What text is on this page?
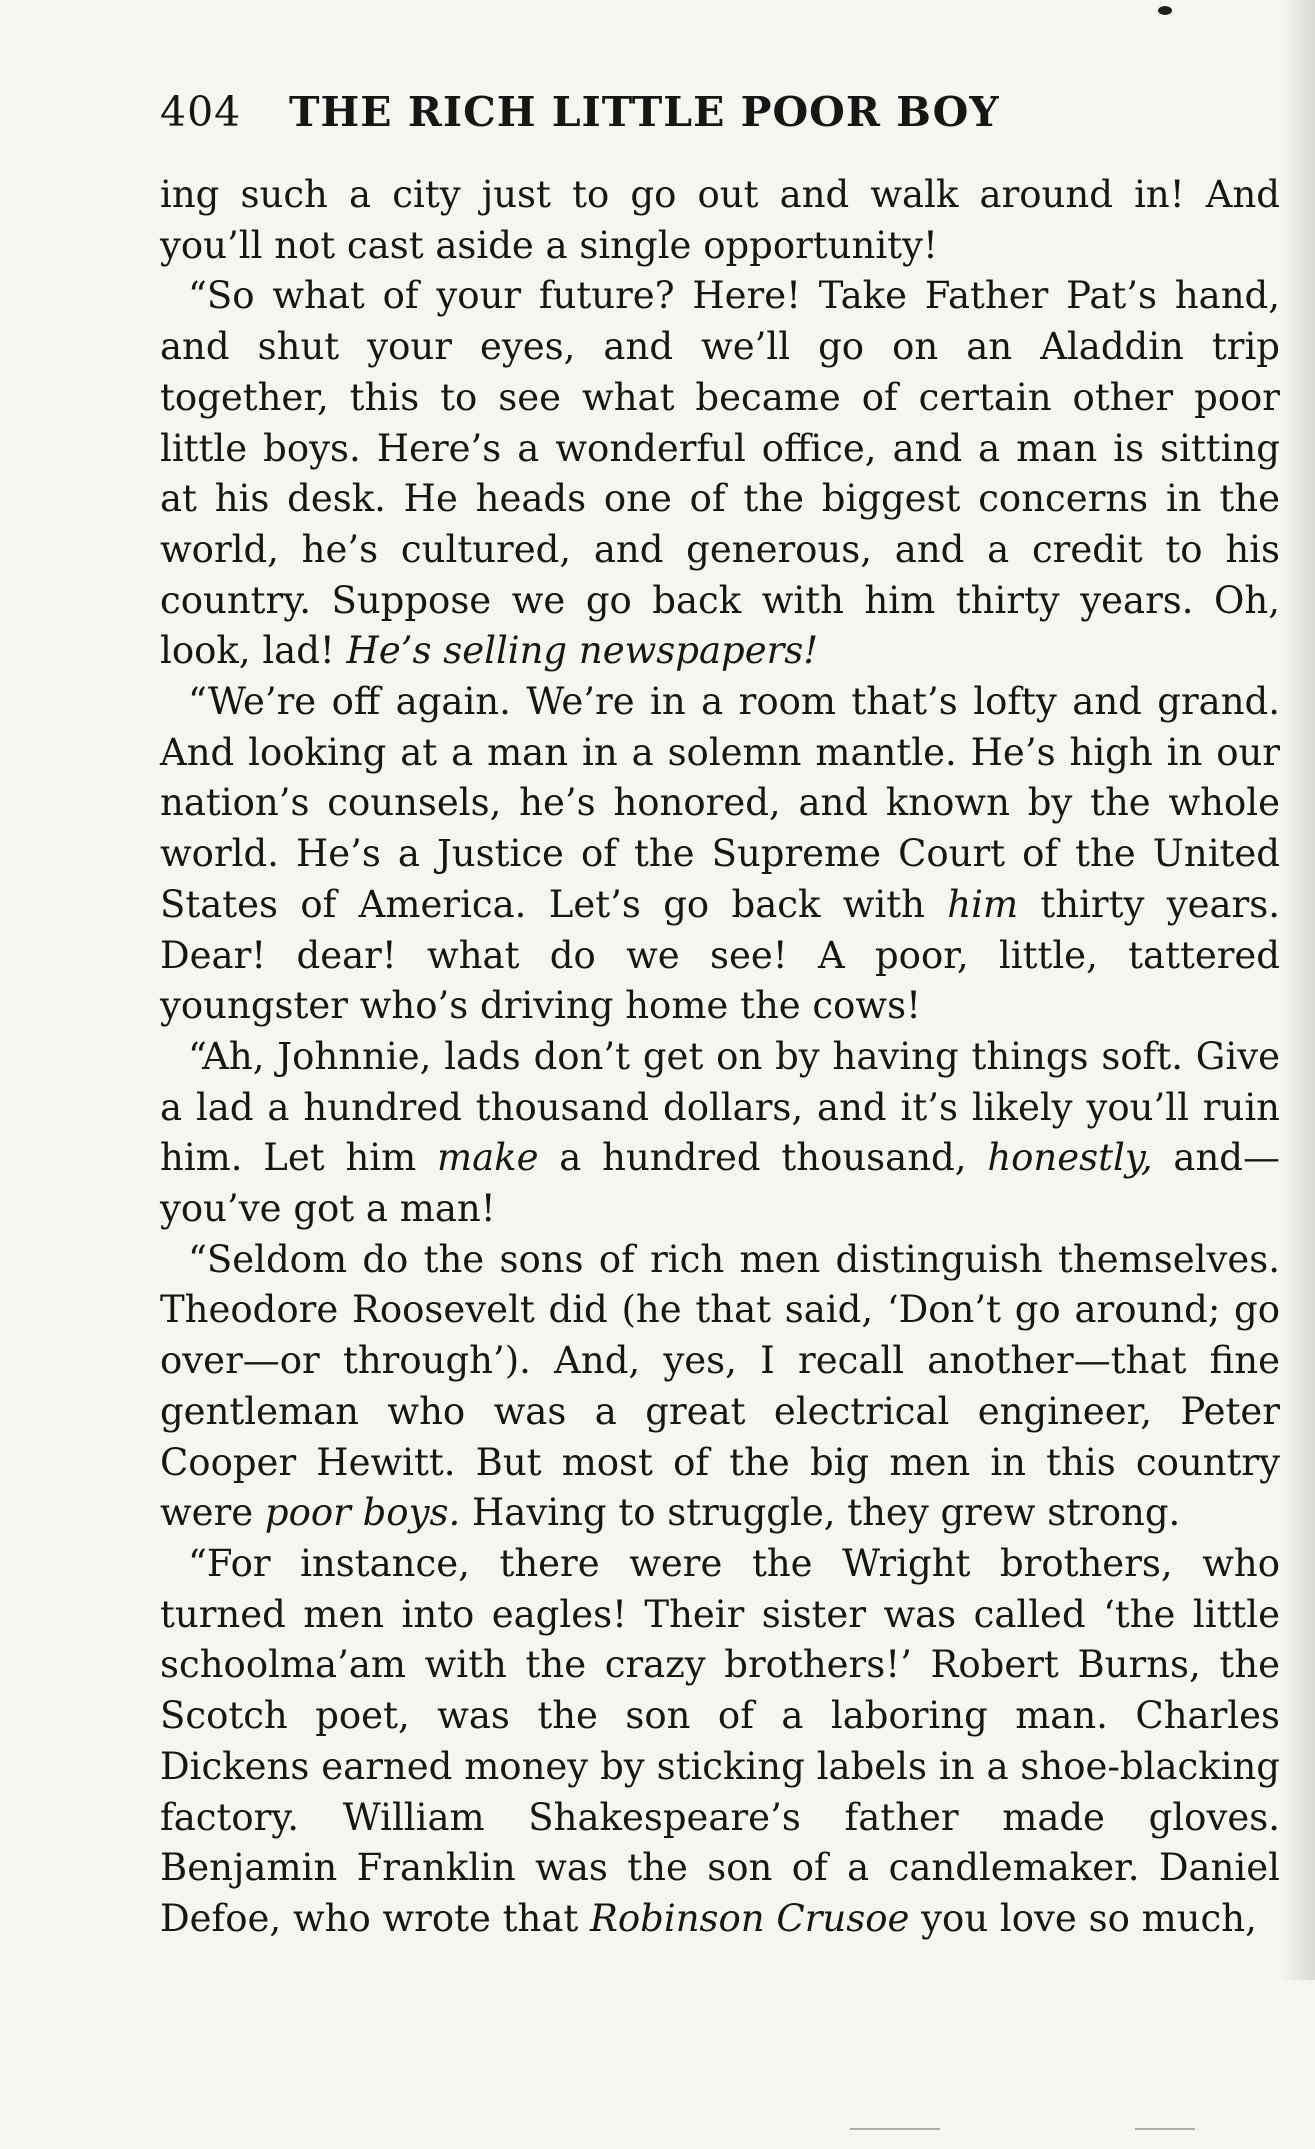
404 THE RICH LITTLE POOR BOY

ing such a city just to go out and walk around in! And you’ll not cast aside a single opportunity!

“So what of your future? Here! Take Father Pat’s hand, and shut your eyes, and we’ll go on an Aladdin trip together, this to see what became of certain other poor little boys. Here’s a wonderful office, and a man is sitting at his desk. He heads one of the biggest concerns in the world, he’s cultured, and generous, and a credit to his country. Suppose we go back with him thirty years. Oh, look, lad! He’s selling newspapers!

“We’re off again. We’re in a room that’s lofty and grand. And looking at a man in a solemn mantle. He’s high in our nation’s counsels, he’s honored, and known by the whole world. He’s a Justice of the Supreme Court of the United States of America. Let’s go back with him thirty years. Dear! dear! what do we see! A poor, little, tattered youngster who’s driving home the cows!

“Ah, Johnnie, lads don’t get on by having things soft. Give a lad a hundred thousand dollars, and it’s likely you’ll ruin him. Let him make a hundred thousand, honestly, and—you’ve got a man!

“Seldom do the sons of rich men distinguish themselves. Theodore Roosevelt did (he that said, ‘Don’t go around; go over—or through’). And, yes, I recall another—that fine gentleman who was a great electrical engineer, Peter Cooper Hewitt. But most of the big men in this country were poor boys. Having to struggle, they grew strong.

“For instance, there were the Wright brothers, who turned men into eagles! Their sister was called ‘the little schoolma’am with the crazy brothers!’ Robert Burns, the Scotch poet, was the son of a laboring man. Charles Dickens earned money by sticking labels in a shoe-blacking factory. William Shakespeare’s father made gloves. Benjamin Franklin was the son of a candlemaker. Daniel Defoe, who wrote that Robinson Crusoe you love so much,
